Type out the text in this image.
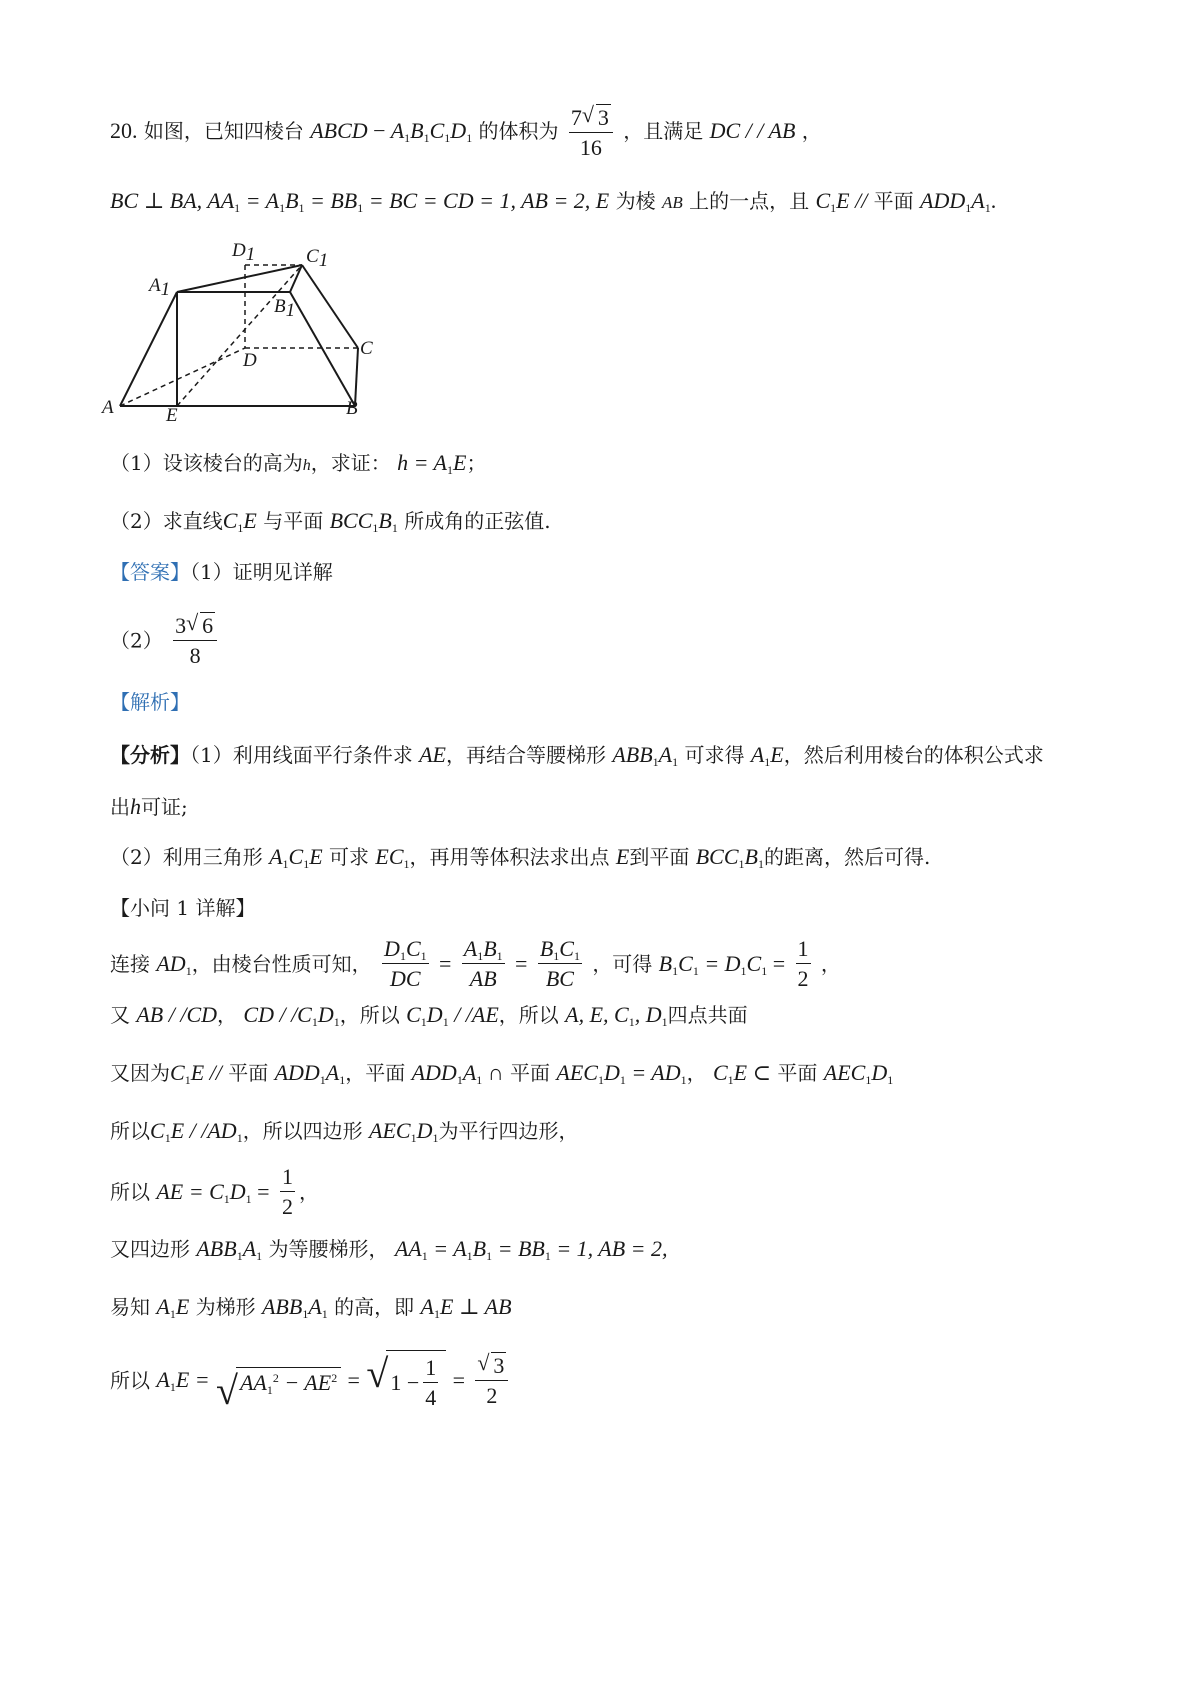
20. 如图，已知四棱台 ABCD − $A_1B_1C_1D_1$ 的体积为 $\frac{7 √ 3}{16}$ ，且满足 DC / / AB ，
BC ⊥ BA, $AA_1 = A_1B_1 = BB_1$ = BC = CD = 1, AB = 2, E 为棱 AB 上的一点，且 $C_1E$ // 平面 $ADD_1A_1$.
A	E	B
C
D
A1
B1
C1
D1
（1）设该棱台的高为h，求证： $h = A_1E$；
（2）求直线$C_1E$ 与平面 $BCC_1B_1$ 所成角的正弦值.
【答案】（1）证明见详解
$(2) \frac{3 √ 6}{8}$
【解析】
【分析】（1）利用线面平行条件求 AE，再结合等腰梯形 $ABB_1A_1$ 可求得 $A_1E$，然后利用棱台的体积公式求
出h可证;
（2）利用三角形 $A_1C_1E$ 可求 $EC_1$，再用等体积法求出点 E到平面 $BCC_1B_1$的距离，然后可得.
【小问 1 详解】
连接 $AD_1$，由棱台性质可知， $\frac{D_1C_1}{DC} = \frac{A_1B_1}{AB} = \frac{B_1C_1}{BC}$ ，可得 $B_1C_1 = D_1C_1 = \frac{1}{2}$ ，
又 AB / /CD， CD / $/C_1D_1$，所以 $C_1D_1 / /AE$，所以 A, E, $C_1$, $D_1$四点共面
又因为$C_1E$ // 平面 $ADD_1A_1$，平面 $ADD_1A_1$ ∩ 平面 $AEC_1D_1 = AD_1$， $C_1E$ ⊂ 平面 $AEC_1D_1$
所以$C_1E / /AD_1$，所以四边形 $AEC_1D_1$为平行四边形，
所以 AE = $C_1D_1 = \frac{1}{2}$ ，
又四边形 $ABB_1A_1$ 为等腰梯形， $AA_1 = A_1B_1 = BB_1 = 1$, AB = 2,
易知 $A_1E$ 为梯形 $ABB_1A_1$ 的高，即 $A_1E$ ⊥ AB
所以 $A_1E$ = √ $AA_1^2 - AE^2$ = √ $1 - \frac{1}{4}$ = √ $\frac{3}{2}$
